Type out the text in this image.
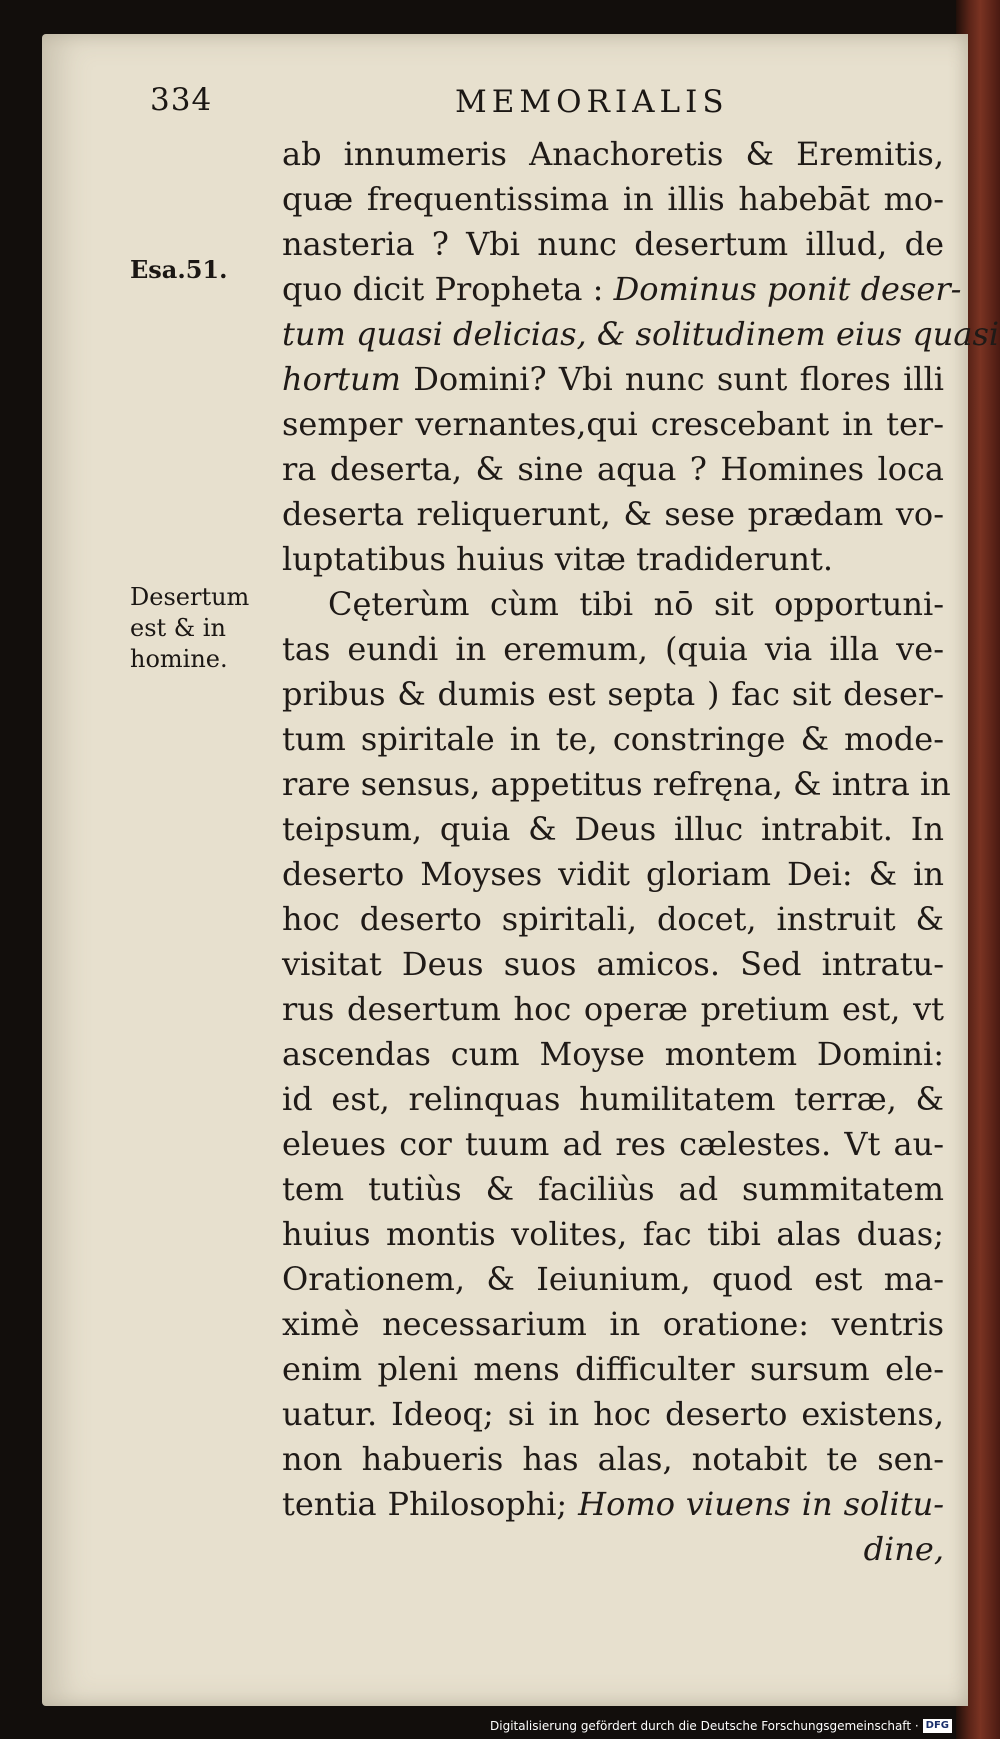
334	MEMORIALIS
Esa.51.
Desertum
est & in
homine.
ab innumeris Anachoretis & Eremitis,
quæ frequentissima in illis habebāt mo-
nasteria ? Vbi nunc desertum illud, de
quo dicit Propheta : Dominus ponit deser-
tum quasi delicias, & solitudinem eius quasi
hortum Domini? Vbi nunc sunt flores illi
semper vernantes,qui crescebant in ter-
ra deserta, & sine aqua ? Homines loca
deserta reliquerunt, & sese prædam vo-
luptatibus huius vitæ tradiderunt.
Cęterùm cùm tibi nō sit opportuni-
tas eundi in eremum, (quia via illa ve-
pribus & dumis est septa ) fac sit deser-
tum spiritale in te, constringe & mode-
rare sensus, appetitus refręna, & intra in
teipsum, quia & Deus illuc intrabit. In
deserto Moyses vidit gloriam Dei: & in
hoc deserto spiritali, docet, instruit &
visitat Deus suos amicos. Sed intratu-
rus desertum hoc operæ pretium est, vt
ascendas cum Moyse montem Domini:
id est, relinquas humilitatem terræ, &
eleues cor tuum ad res cælestes. Vt au-
tem tutiùs & faciliùs ad summitatem
huius montis volites, fac tibi alas duas;
Orationem, & Ieiunium, quod est ma-
ximè necessarium in oratione: ventris
enim pleni mens difficulter sursum ele-
uatur. Ideoq; si in hoc deserto existens,
non habueris has alas, notabit te sen-
tentia Philosophi; Homo viuens in solitu-
dine,
Digitalisierung gefördert durch die Deutsche Forschungsgemeinschaft · DFG
